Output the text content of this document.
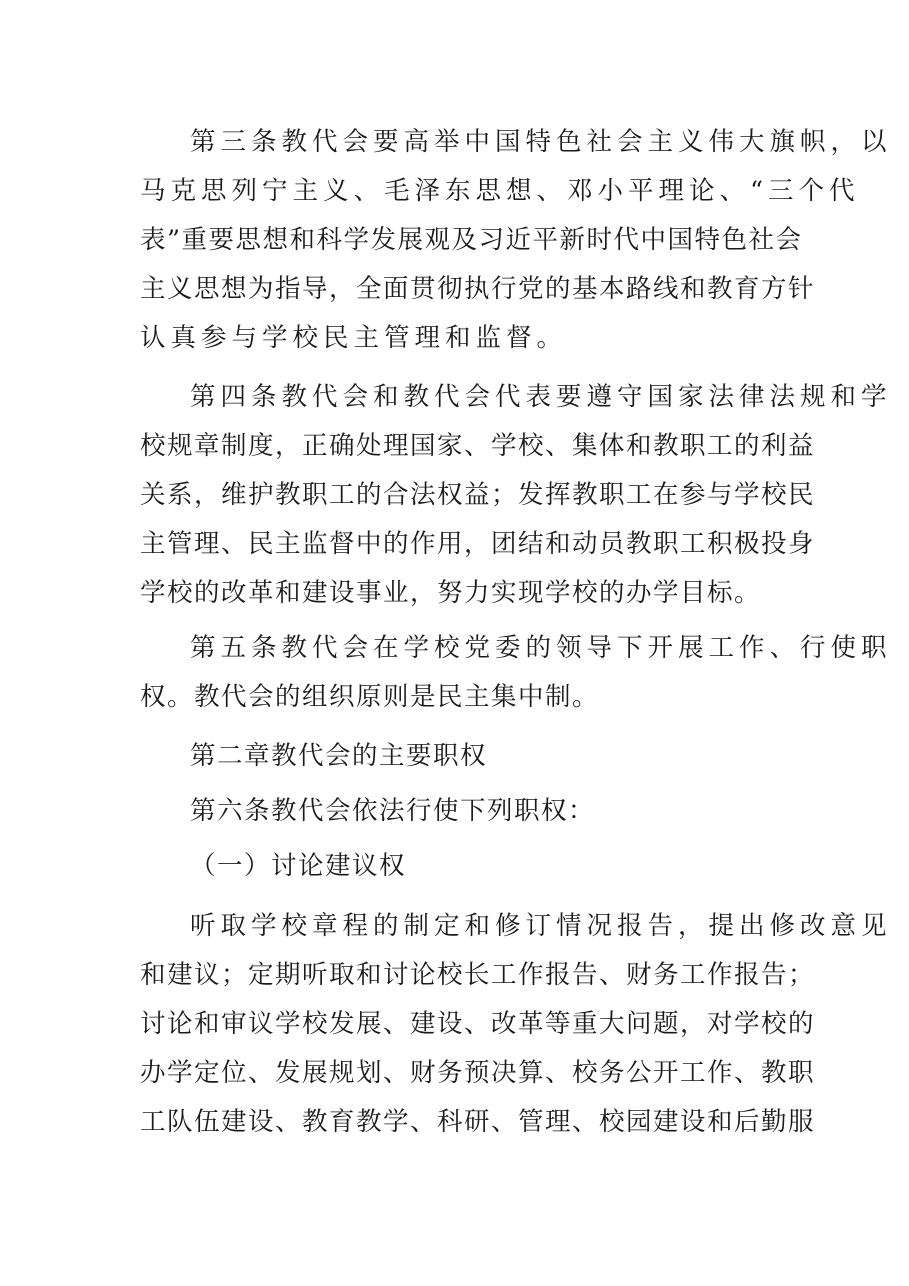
第三条教代会要高举中国特色社会主义伟大旗帜，以
马克思列宁主义、毛泽东思想、邓小平理论、“三个代
表”重要思想和科学发展观及习近平新时代中国特色社会
主义思想为指导，全面贯彻执行党的基本路线和教育方针
认真参与学校民主管理和监督。
第四条教代会和教代会代表要遵守国家法律法规和学
校规章制度，正确处理国家、学校、集体和教职工的利益
关系，维护教职工的合法权益；发挥教职工在参与学校民
主管理、民主监督中的作用，团结和动员教职工积极投身
学校的改革和建设事业，努力实现学校的办学目标。
第五条教代会在学校党委的领导下开展工作、行使职
权。教代会的组织原则是民主集中制。
第二章教代会的主要职权
第六条教代会依法行使下列职权：
（一）讨论建议权
听取学校章程的制定和修订情况报告，提出修改意见
和建议；定期听取和讨论校长工作报告、财务工作报告；
讨论和审议学校发展、建设、改革等重大问题，对学校的
办学定位、发展规划、财务预决算、校务公开工作、教职
工队伍建设、教育教学、科研、管理、校园建设和后勤服
